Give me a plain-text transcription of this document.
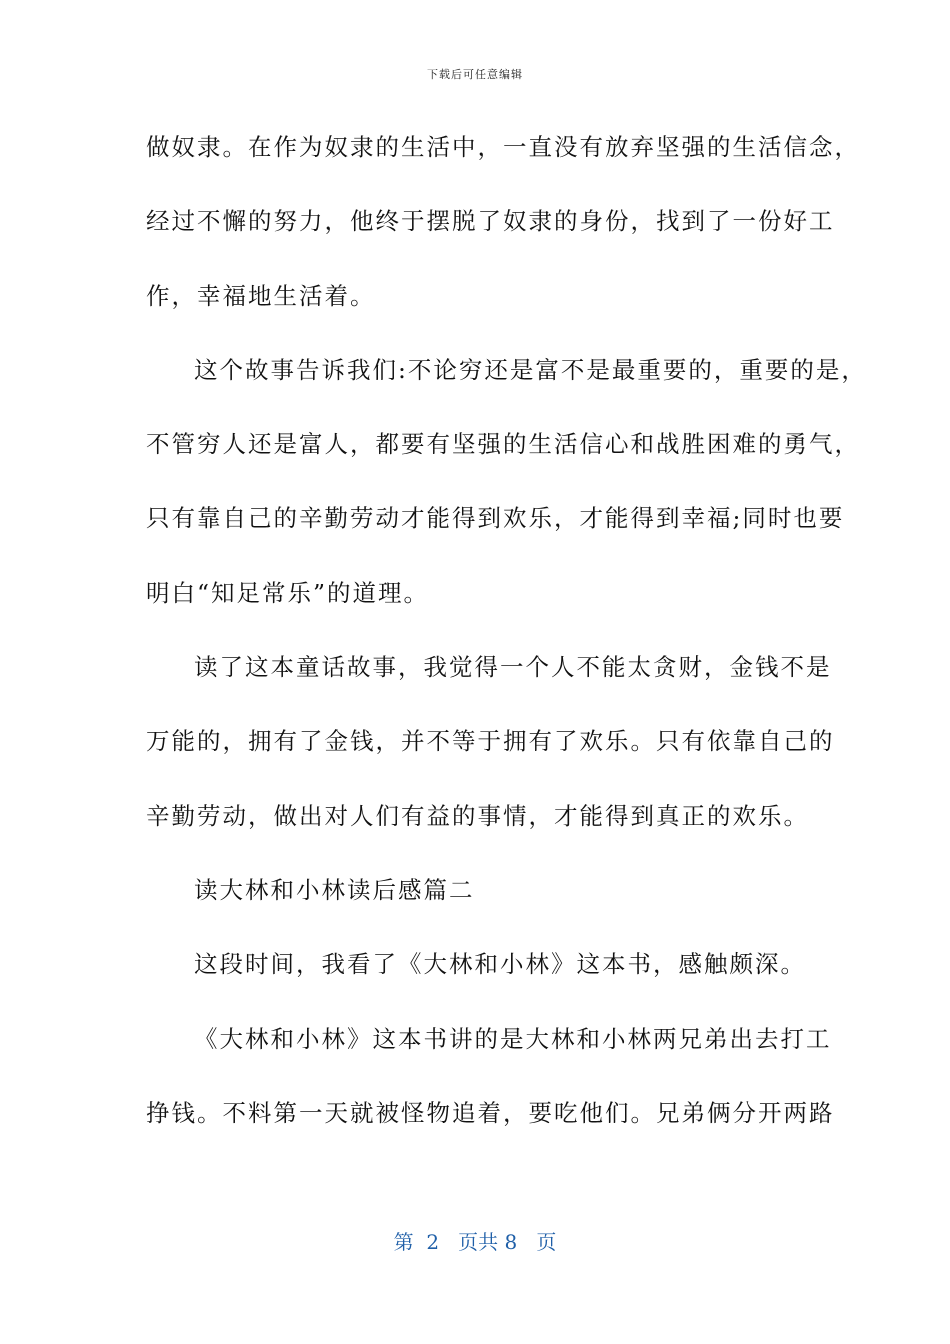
下载后可任意编辑
做奴隶。在作为奴隶的生活中，一直没有放弃坚强的生活信念，
经过不懈的努力，他终于摆脱了奴隶的身份，找到了一份好工
作，幸福地生活着。
这个故事告诉我们:不论穷还是富不是最重要的，重要的是，
不管穷人还是富人，都要有坚强的生活信心和战胜困难的勇气，
只有靠自己的辛勤劳动才能得到欢乐，才能得到幸福;同时也要
明白“知足常乐”的道理。
读了这本童话故事，我觉得一个人不能太贪财，金钱不是
万能的，拥有了金钱，并不等于拥有了欢乐。只有依靠自己的
辛勤劳动，做出对人们有益的事情，才能得到真正的欢乐。
读大林和小林读后感篇二
这段时间，我看了《大林和小林》这本书，感触颇深。
《大林和小林》这本书讲的是大林和小林两兄弟出去打工
挣钱。不料第一天就被怪物追着，要吃他们。兄弟俩分开两路
第  2   页共 8   页
